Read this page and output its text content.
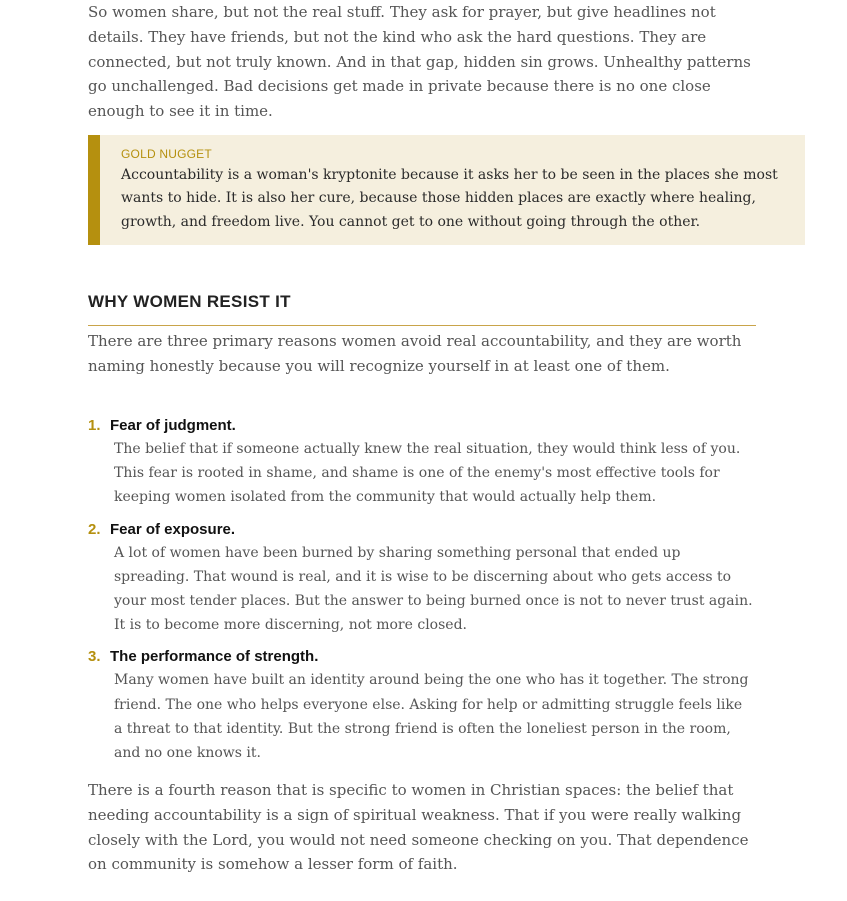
So women share, but not the real stuff. They ask for prayer, but give headlines not details. They have friends, but not the kind who ask the hard questions. They are connected, but not truly known. And in that gap, hidden sin grows. Unhealthy patterns go unchallenged. Bad decisions get made in private because there is no one close enough to see it in time.

GOLD NUGGET

Accountability is a woman's kryptonite because it asks her to be seen in the places she most wants to hide. It is also her cure, because those hidden places are exactly where healing, growth, and freedom live. You cannot get to one without going through the other.

WHY WOMEN RESIST IT

There are three primary reasons women avoid real accountability, and they are worth naming honestly because you will recognize yourself in at least one of them.

1. Fear of judgment.

The belief that if someone actually knew the real situation, they would think less of you. This fear is rooted in shame, and shame is one of the enemy's most effective tools for keeping women isolated from the community that would actually help them.

2. Fear of exposure.

A lot of women have been burned by sharing something personal that ended up spreading. That wound is real, and it is wise to be discerning about who gets access to your most tender places. But the answer to being burned once is not to never trust again. It is to become more discerning, not more closed.

3. The performance of strength.

Many women have built an identity around being the one who has it together. The strong friend. The one who helps everyone else. Asking for help or admitting struggle feels like a threat to that identity. But the strong friend is often the loneliest person in the room, and no one knows it.

There is a fourth reason that is specific to women in Christian spaces: the belief that needing accountability is a sign of spiritual weakness. That if you were really walking closely with the Lord, you would not need someone checking on you. That dependence on community is somehow a lesser form of faith.
